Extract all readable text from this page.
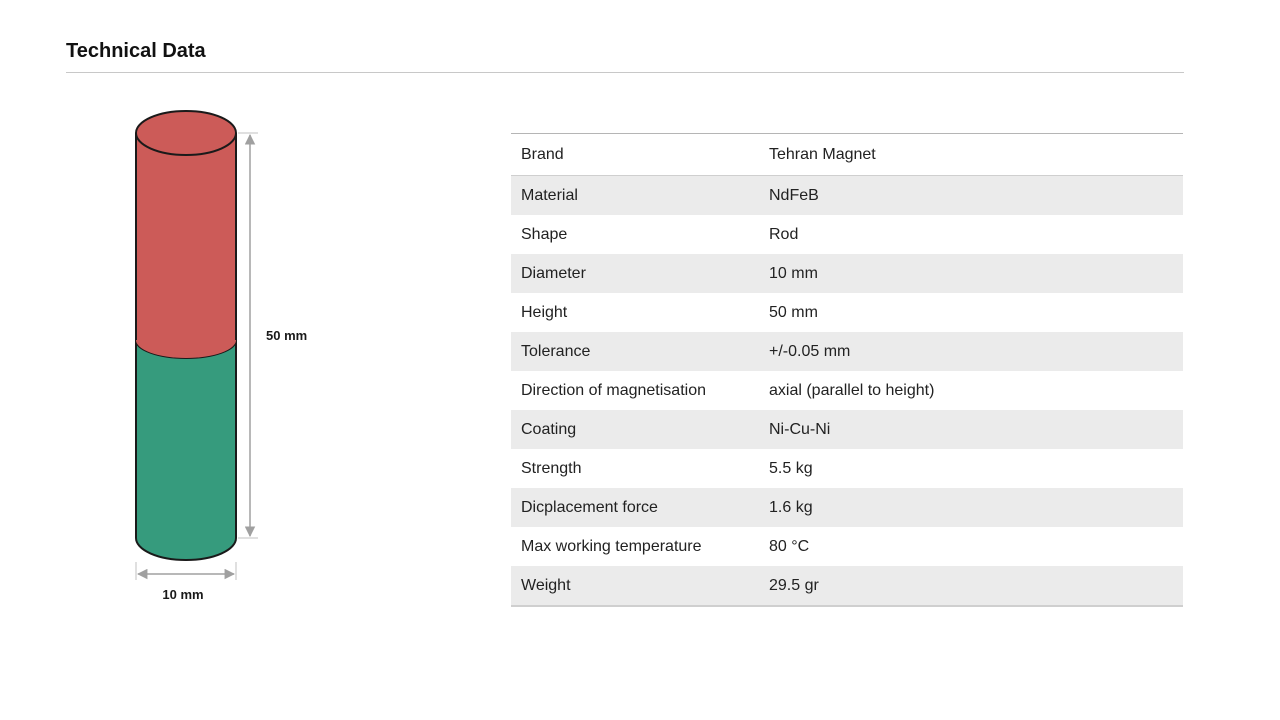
Technical Data
50 mm
10 mm
Brand	Tehran Magnet
Material	NdFeB
Shape	Rod
Diameter	10 mm
Height	50 mm
Tolerance	+/-0.05 mm
Direction of magnetisation	axial (parallel to height)
Coating	Ni-Cu-Ni
Strength	5.5 kg
Dicplacement force	1.6 kg
Max working temperature	80 °C
Weight	29.5 gr
